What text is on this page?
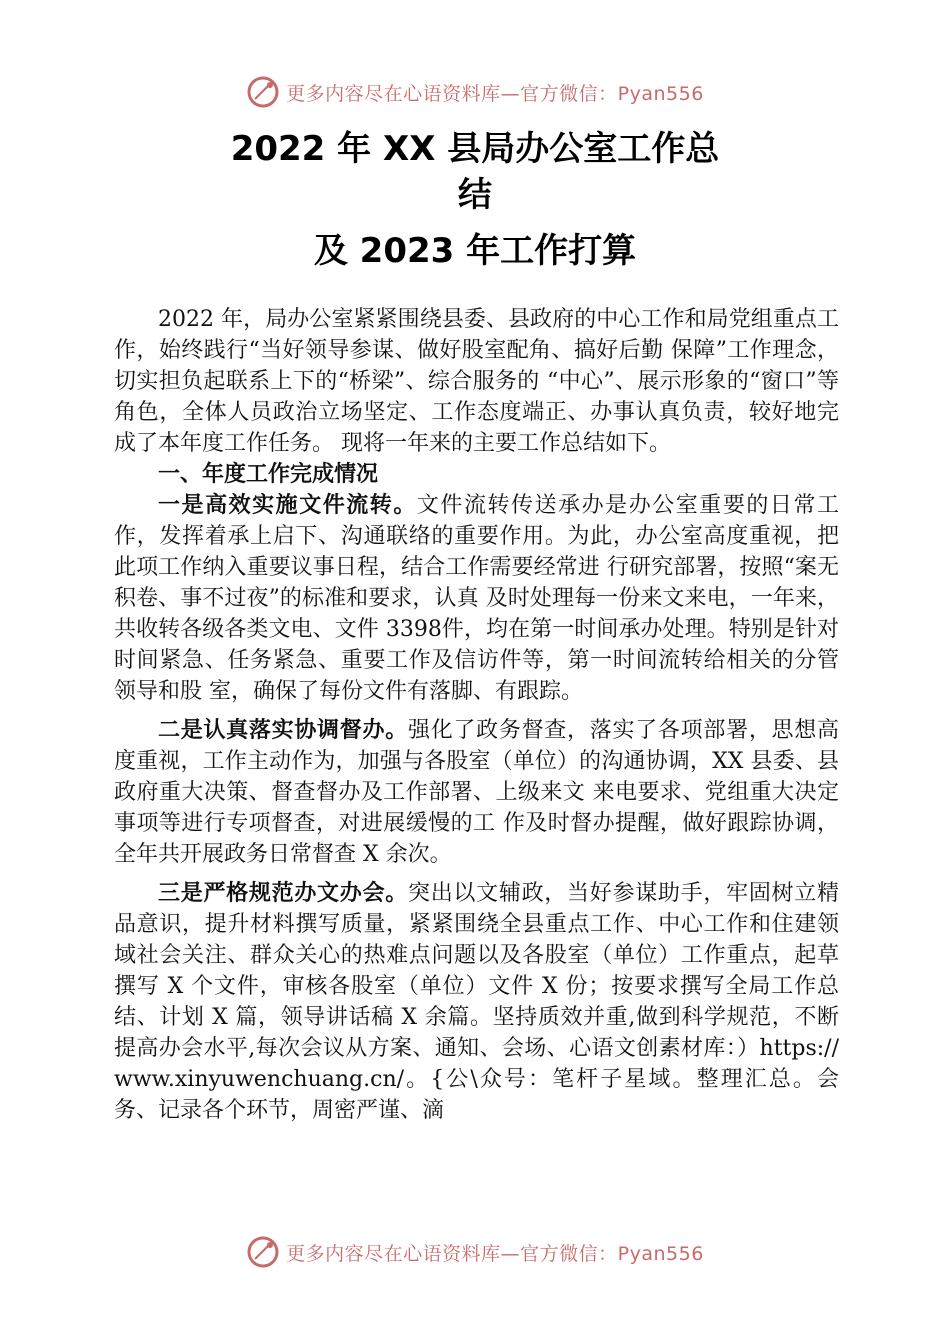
更多内容尽在心语资料库—官方微信：Pyan556
2022 年 XX 县局办公室工作总
结
及 2023 年工作打算

2022 年，局办公室紧紧围绕县委、县政府的中心工作和局党组重点工作，始终践行“当好领导参谋、做好股室配角、搞好后勤 保障”工作理念，切实担负起联系上下的“桥梁”、综合服务的 “中心”、展示形象的“窗口”等角色，全体人员政治立场坚定、工作态度端正、办事认真负责，较好地完成了本年度工作任务。 现将一年来的主要工作总结如下。

一、年度工作完成情况

一是高效实施文件流转。文件流转传送承办是办公室重要的日常工作，发挥着承上启下、沟通联络的重要作用。为此，办公室高度重视，把此项工作纳入重要议事日程，结合工作需要经常进 行研究部署，按照“案无积卷、事不过夜”的标准和要求，认真 及时处理每一份来文来电，一年来，共收转各级各类文电、文件 3398件，均在第一时间承办处理。特别是针对时间紧急、任务紧急、重要工作及信访件等，第一时间流转给相关的分管领导和股 室，确保了每份文件有落脚、有跟踪。

二是认真落实协调督办。强化了政务督查，落实了各项部署，思想高度重视，工作主动作为，加强与各股室（单位）的沟通协调，XX 县委、县政府重大决策、督查督办及工作部署、上级来文 来电要求、党组重大决定事项等进行专项督查，对进展缓慢的工 作及时督办提醒，做好跟踪协调，全年共开展政务日常督查 X 余次。

三是严格规范办文办会。突出以文辅政，当好参谋助手，牢固树立精品意识，提升材料撰写质量，紧紧围绕全县重点工作、中心工作和住建领域社会关注、群众关心的热难点问题以及各股室（单位）工作重点，起草撰写 X 个文件，审核各股室（单位）文件 X 份；按要求撰写全局工作总结、计划 X 篇，领导讲话稿 X 余篇。坚持质效并重,做到科学规范，不断提高办会水平,每次会议从方案、通知、会场、心语文创素材库：）https://www.xinyuwenchuang.cn/。{公\众号：笔杆子星域。整理汇总。会务、记录各个环节，周密严谨、滴

更多内容尽在心语资料库—官方微信：Pyan556
